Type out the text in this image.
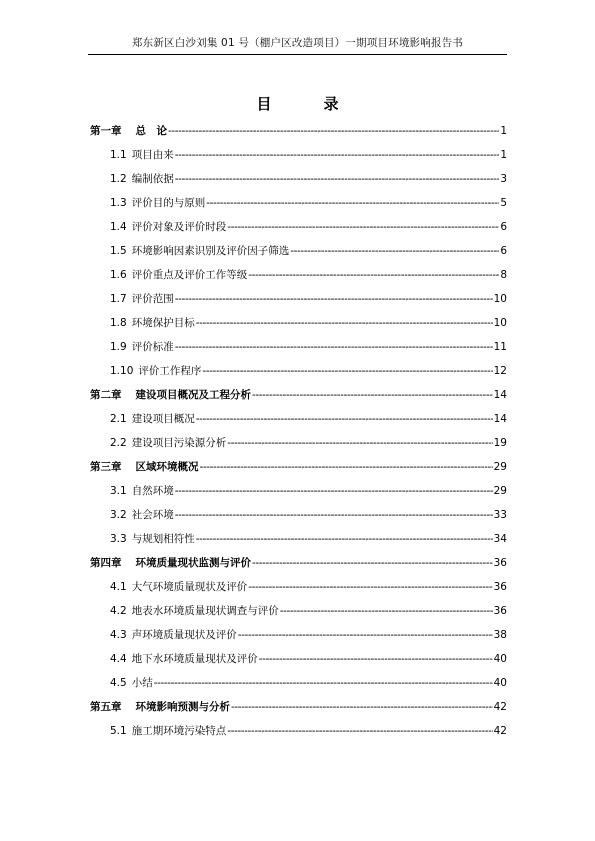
郑东新区白沙刘集 01 号（棚户区改造项目）一期项目环境影响报告书
目	录
第一章	总　论 -----	1
1.1 项目由来 -----	1
1.2 编制依据 -----	3
1.3 评价目的与原则 -----	5
1.4 评价对象及评价时段 -----	6
1.5 环境影响因素识别及评价因子筛选 -----	6
1.6 评价重点及评价工作等级 -----	8
1.7 评价范围 -----	10
1.8 环境保护目标 -----	10
1.9 评价标准 -----	11
1.10 评价工作程序 -----	12
第二章	建设项目概况及工程分析 -----	14
2.1 建设项目概况 -----	14
2.2 建设项目污染源分析 -----	19
第三章	区域环境概况 -----	29
3.1 自然环境 -----	29
3.2 社会环境 -----	33
3.3 与规划相符性 -----	34
第四章	环境质量现状监测与评价 -----	36
4.1 大气环境质量现状及评价 -----	36
4.2 地表水环境质量现状调查与评价 -----	36
4.3 声环境质量现状及评价 -----	38
4.4 地下水环境质量现状及评价 -----	40
4.5 小结 -----	40
第五章	环境影响预测与分析 -----	42
5.1 施工期环境污染特点 -----	42
